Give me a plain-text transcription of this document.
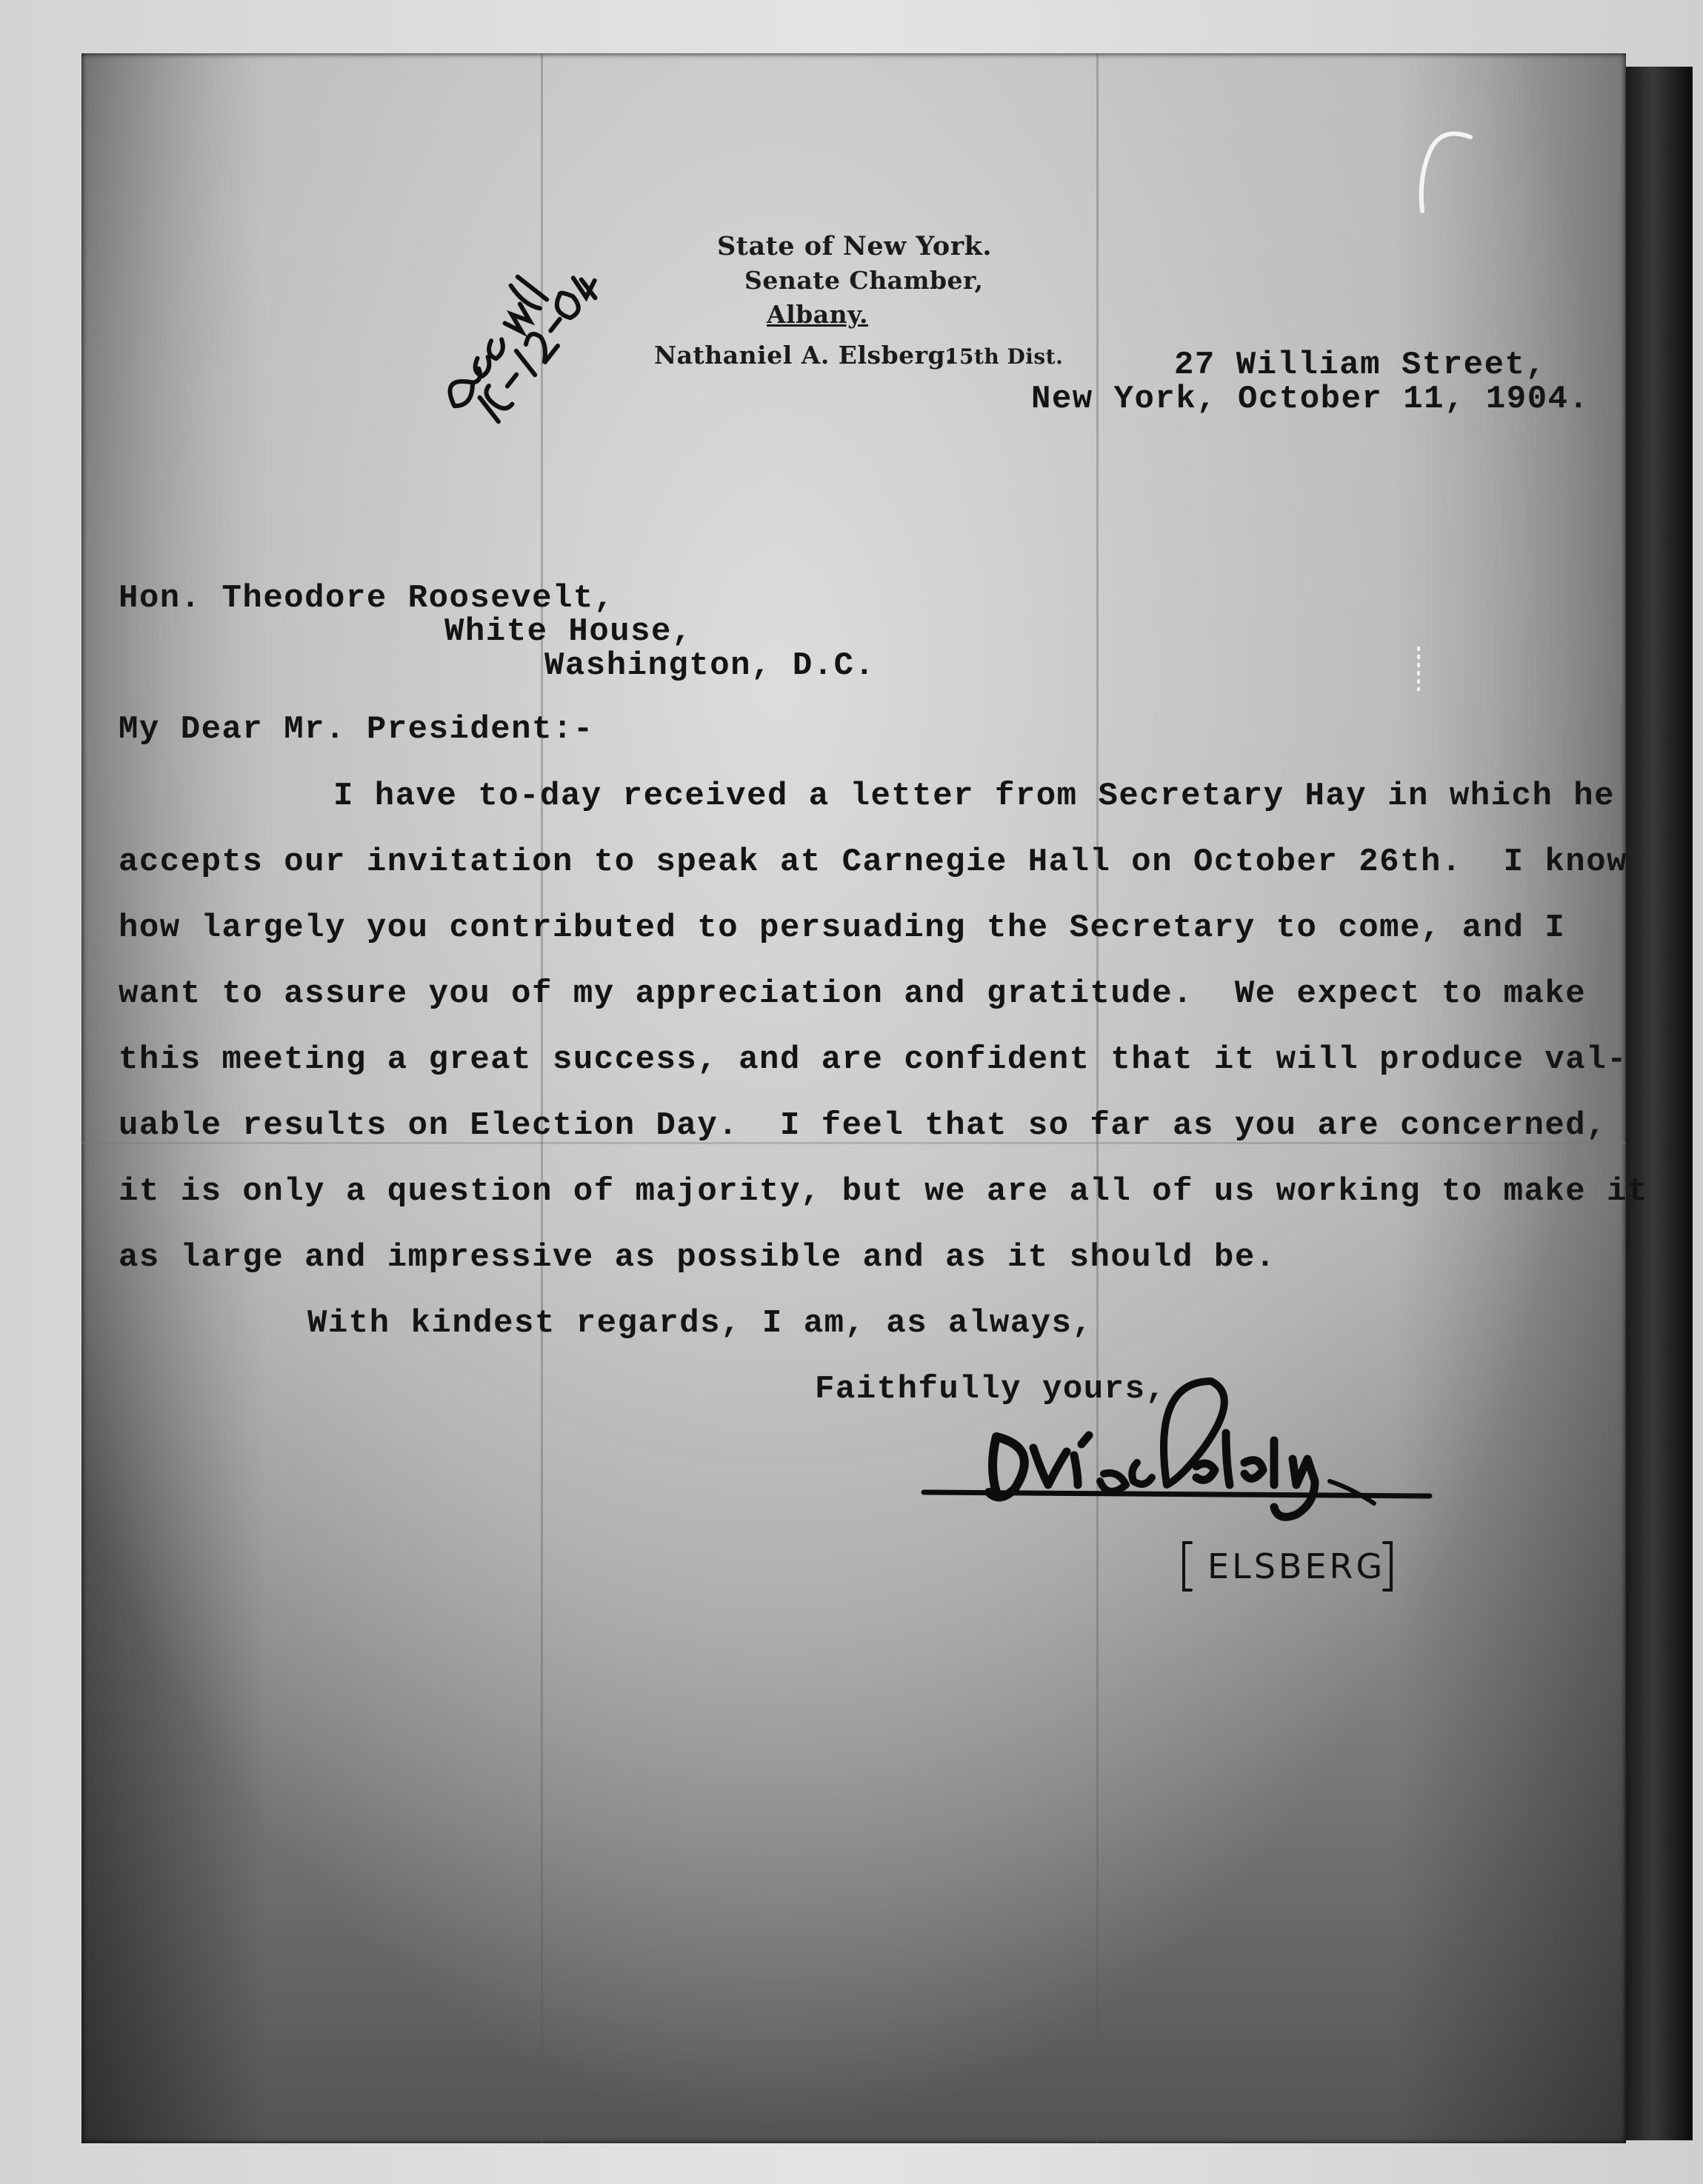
State of New York.
Senate Chamber,
Albany.
Nathaniel A. Elsberg.
15th Dist.	27 William Street,
New York, October 11, 1904.
Hon. Theodore Roosevelt,
White House,
Washington, D.C.
My Dear Mr. President:-
I have to-day received a letter from Secretary Hay in which he
accepts our invitation to speak at Carnegie Hall on October 26th.  I know
how largely you contributed to persuading the Secretary to come, and I
want to assure you of my appreciation and gratitude.  We expect to make
this meeting a great success, and are confident that it will produce val-
uable results on Election Day.  I feel that so far as you are concerned,
it is only a question of majority, but we are all of us working to make it
as large and impressive as possible and as it should be.
With kindest regards, I am, as always,
Faithfully yours,
ELSBERG
